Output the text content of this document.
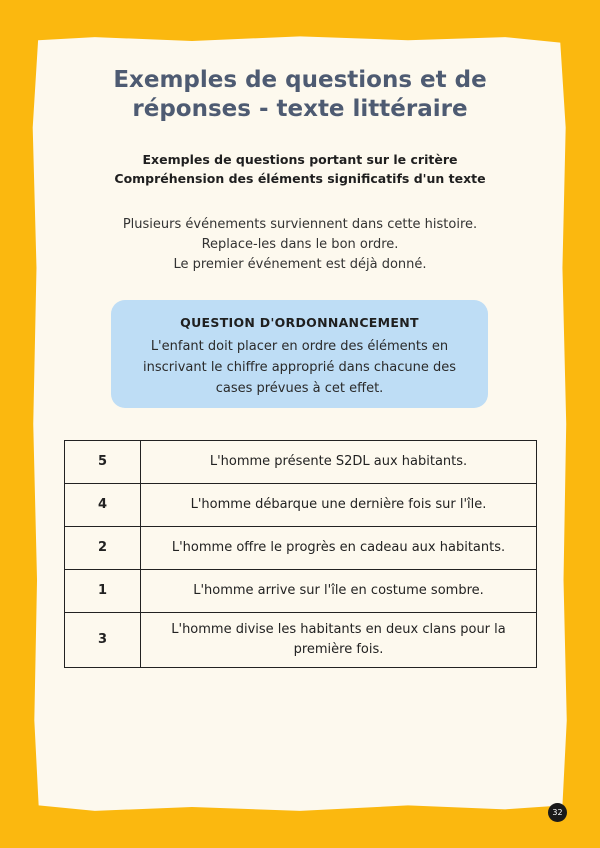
Exemples de questions et de réponses - texte littéraire

Exemples de questions portant sur le critère
Compréhension des éléments significatifs d'un texte

Plusieurs événements surviennent dans cette histoire.
Replace-les dans le bon ordre.
Le premier événement est déjà donné.

QUESTION D'ORDONNANCEMENT

L'enfant doit placer en ordre des éléments en inscrivant le chiffre approprié dans chacune des cases prévues à cet effet.

5	L'homme présente S2DL aux habitants.
4	L'homme débarque une dernière fois sur l'île.
2	L'homme offre le progrès en cadeau aux habitants.
1	L'homme arrive sur l'île en costume sombre.
3	L'homme divise les habitants en deux clans pour la première fois.
32
